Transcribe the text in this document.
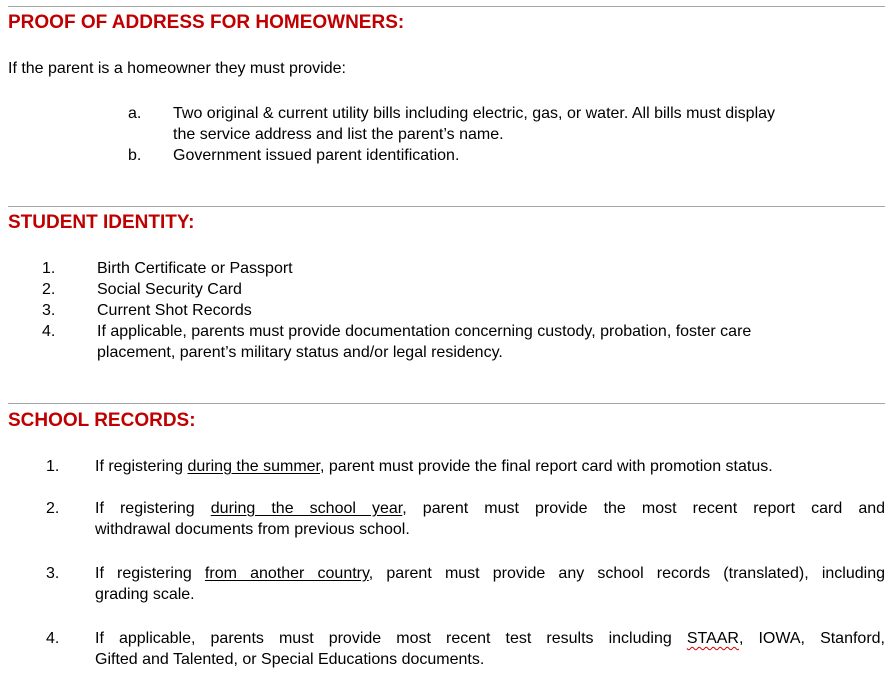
PROOF OF ADDRESS FOR HOMEOWNERS:

If the parent is a homeowner they must provide:

a. Two original & current utility bills including electric, gas, or water. All bills must display
the service address and list the parent’s name.
b. Government issued parent identification.
STUDENT IDENTITY:
1.	Birth Certificate or Passport
2.	Social Security Card
3.	Current Shot Records
4.	If applicable, parents must provide documentation concerning custody, probation, foster care
placement, parent’s military status and/or legal residency.
SCHOOL RECORDS:
1. If registering during the summer, parent must provide the final report card with promotion status.
2. If registering during the school year, parent must provide the most recent report card and
withdrawal documents from previous school.
3. If registering from another country, parent must provide any school records (translated), including
grading scale.
4. If applicable, parents must provide most recent test results including STAAR, IOWA, Stanford,
Gifted and Talented, or Special Educations documents.
